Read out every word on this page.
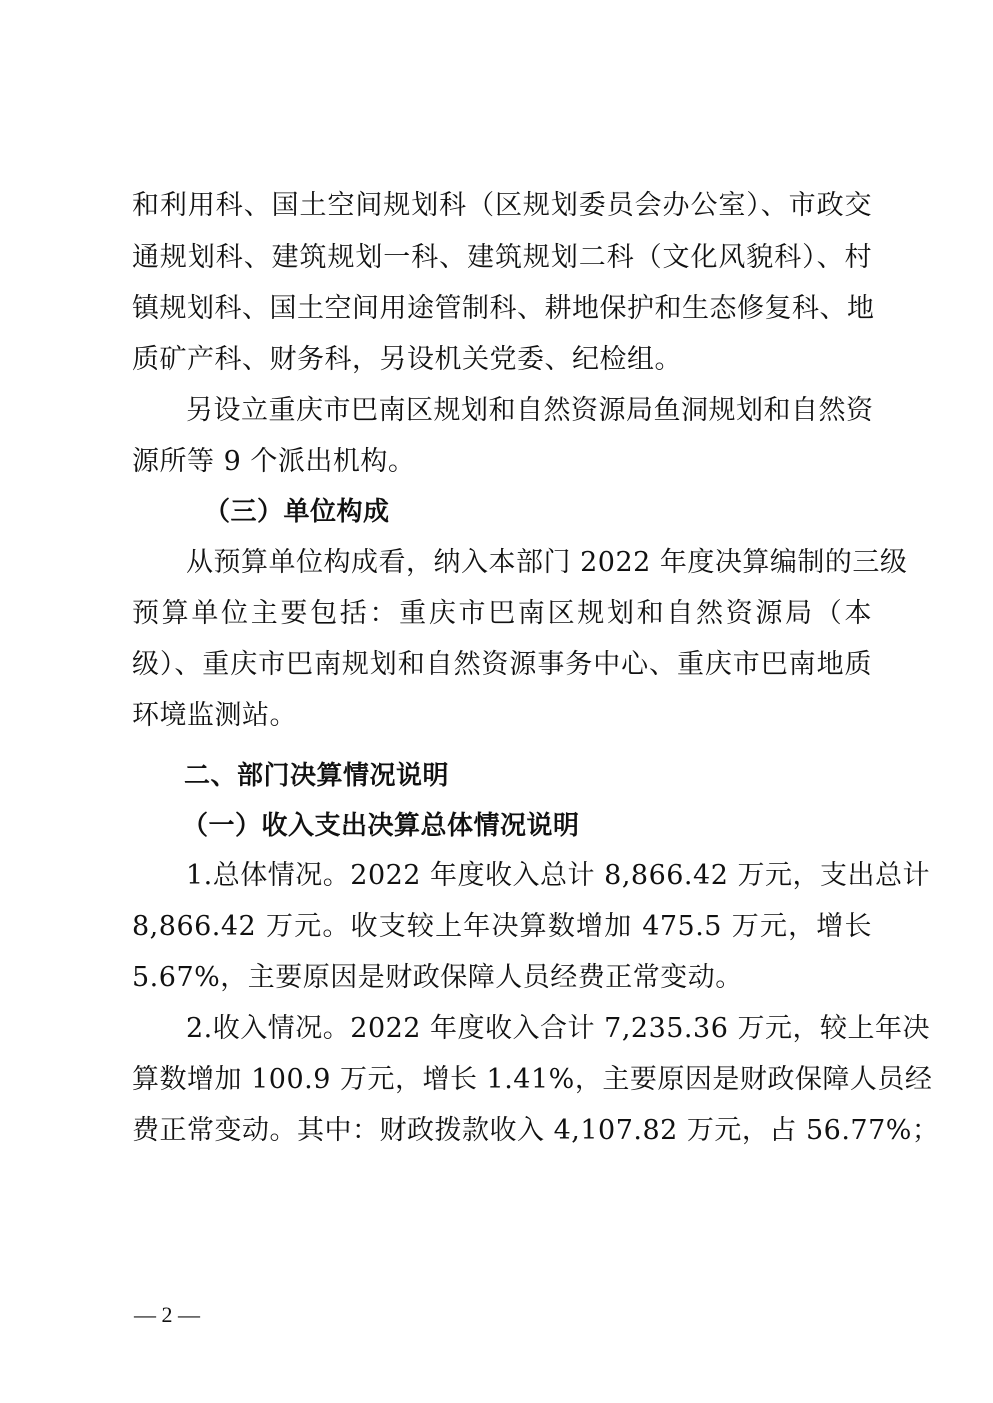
和利用科、国土空间规划科（区规划委员会办公室）、市政交
通规划科、建筑规划一科、建筑规划二科（文化风貌科）、村
镇规划科、国土空间用途管制科、耕地保护和生态修复科、地
质矿产科、财务科，另设机关党委、纪检组。
另设立重庆市巴南区规划和自然资源局鱼洞规划和自然资
源所等 9 个派出机构。
（三）单位构成
从预算单位构成看，纳入本部门 2022 年度决算编制的三级
预算单位主要包括：重庆市巴南区规划和自然资源局（本
级）、重庆市巴南规划和自然资源事务中心、重庆市巴南地质
环境监测站。
二、部门决算情况说明
（一）收入支出决算总体情况说明
1.总体情况。2022 年度收入总计 8,866.42 万元，支出总计
8,866.42 万元。收支较上年决算数增加 475.5 万元，增长
5.67%，主要原因是财政保障人员经费正常变动。
2.收入情况。2022 年度收入合计 7,235.36 万元，较上年决
算数增加 100.9 万元，增长 1.41%，主要原因是财政保障人员经
费正常变动。其中：财政拨款收入 4,107.82 万元，占 56.77%；
— 2 —
